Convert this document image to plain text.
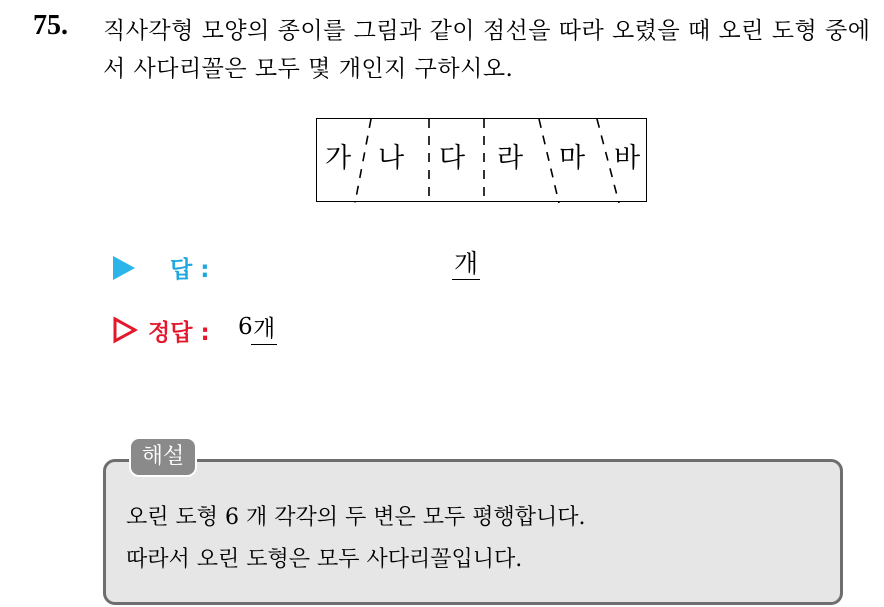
75. 직사각형 모양의 종이를 그림과 같이 점선을 따라 오렸을 때 오린 도형 중에서 사다리꼴은 모두 몇 개인지 구하시오.
가 나 다 라 마 바
답 :	개
정답 : 6 개
해설
오린 도형 6 개 각각의 두 변은 모두 평행합니다.
따라서 오린 도형은 모두 사다리꼴입니다.
